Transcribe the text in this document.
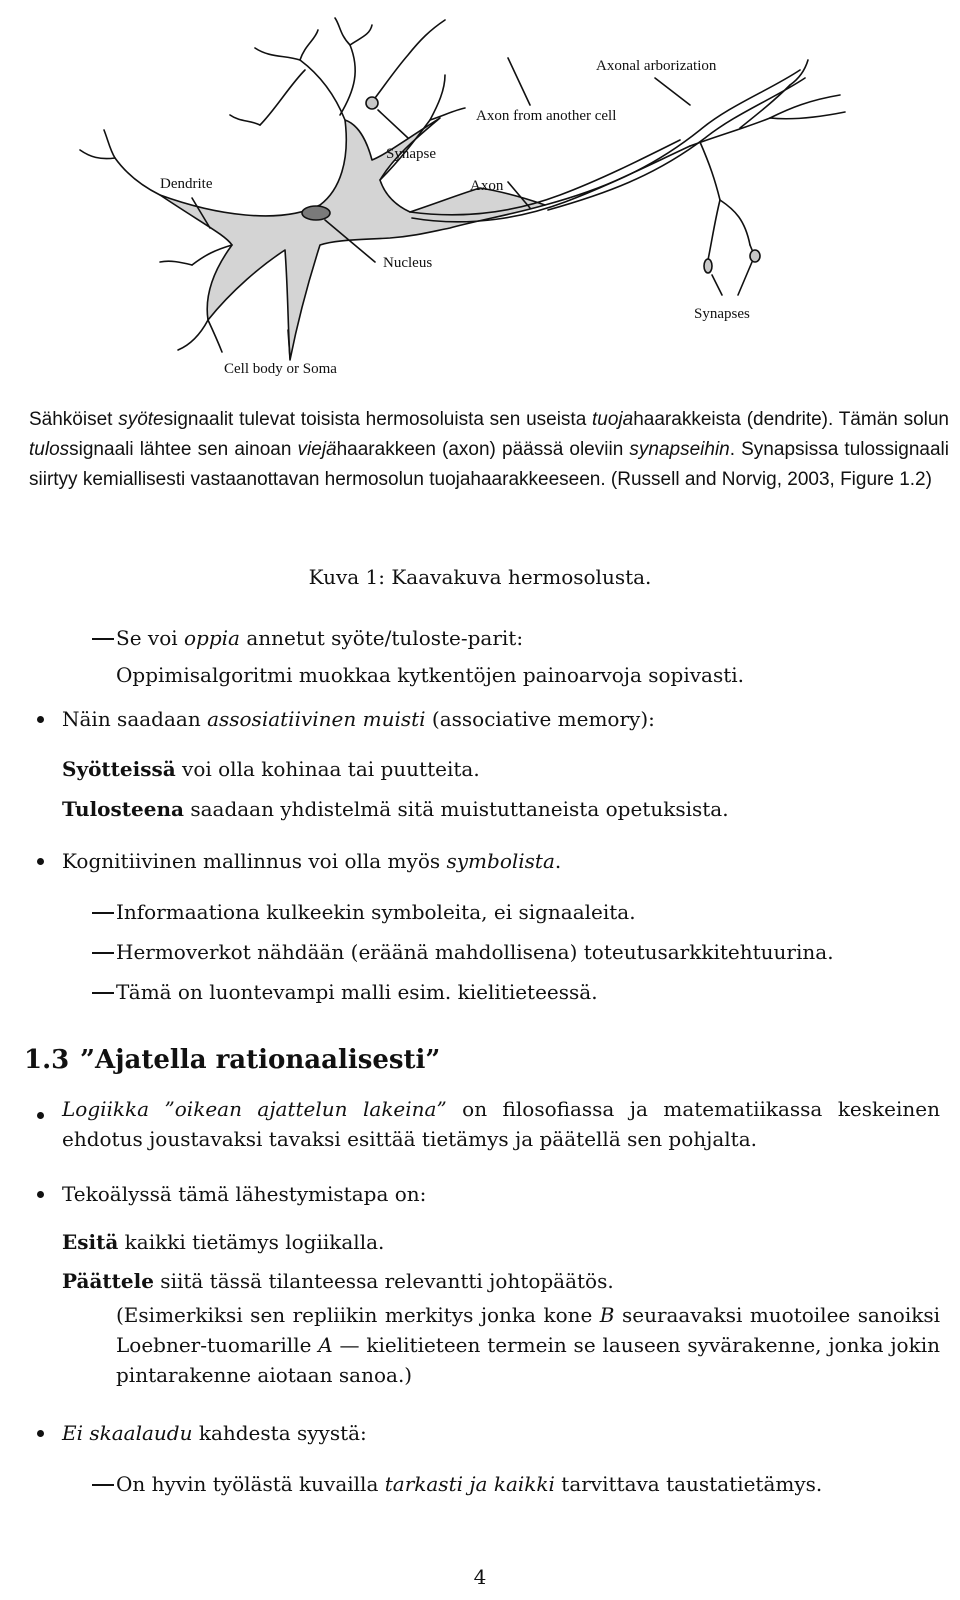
Axonal arborization
Axon from another cell
Synapse
Dendrite	Axon
Nucleus
Synapses
Cell body or Soma
Sähköiset syötesignaalit tulevat toisista hermosoluista sen useista tuojahaarakkeista (dendrite). Tämän solun tulossignaali lähtee sen ainoan viejähaarakkeen (axon) päässä oleviin synapseihin. Synapsissa tulossignaali siirtyy kemiallisesti vastaanottavan hermosolun tuojahaarakkeeseen. (Russell and Norvig, 2003, Figure 1.2)
Kuva 1: Kaavakuva hermosolusta.
Se voi oppia annetut syöte/tuloste-parit:
Oppimisalgoritmi muokkaa kytkentöjen painoarvoja sopivasti.
Näin saadaan assosiatiivinen muisti (associative memory):
Syötteissä voi olla kohinaa tai puutteita.
Tulosteena saadaan yhdistelmä sitä muistuttaneista opetuksista.
Kognitiivinen mallinnus voi olla myös symbolista.
Informaationa kulkeekin symboleita, ei signaaleita.
Hermoverkot nähdään (eräänä mahdollisena) toteutusarkkitehtuurina.
Tämä on luontevampi malli esim. kielitieteessä.
1.3 ”Ajatella rationaalisesti”
Logiikka ”oikean ajattelun lakeina” on filosofiassa ja matematiikassa keskeinen ehdotus joustavaksi tavaksi esittää tietämys ja päätellä sen pohjalta.
Tekoälyssä tämä lähestymistapa on:
Esitä kaikki tietämys logiikalla.
Päättele siitä tässä tilanteessa relevantti johtopäätös.
(Esimerkiksi sen repliikin merkitys jonka kone B seuraavaksi muotoilee sanoiksi Loebner-tuomarille A — kielitieteen termein se lauseen syvärakenne, jonka jokin pintarakenne aiotaan sanoa.)
Ei skaalaudu kahdesta syystä:
On hyvin työlästä kuvailla tarkasti ja kaikki tarvittava taustatietämys.
4
